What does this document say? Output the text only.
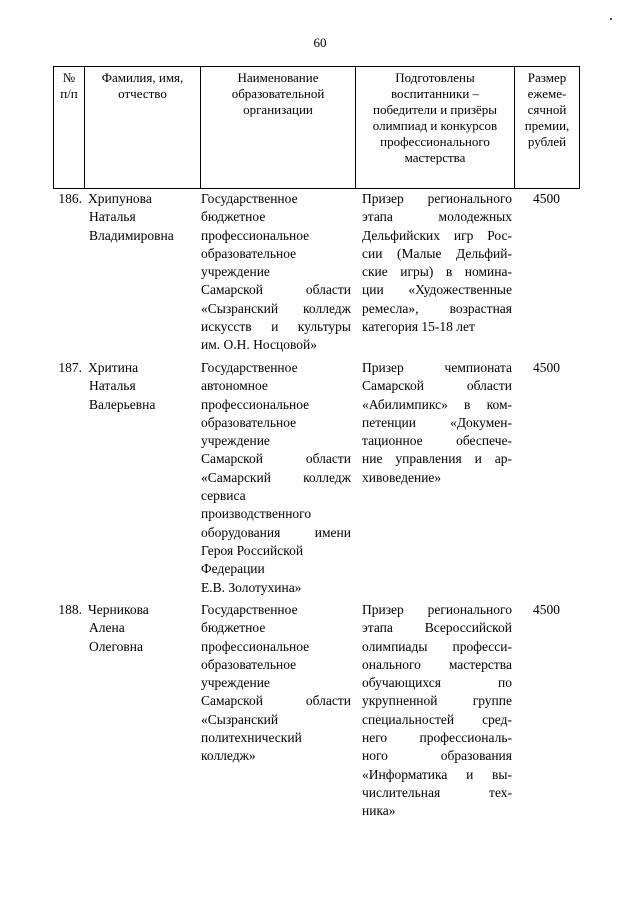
60
№
п/п
Фамилия, имя,
отчество
Наименование
образовательной
организации
Подготовлены
воспитанники –
победители и призёры
олимпиад и конкурсов
профессионального
мастерства
Размер
ежеме-
сячной
премии,
рублей
186. Хрипунова
Наталья
Владимировна
Государственное
бюджетное
профессиональное
образовательное
учреждение
Самарской области
«Сызранский колледж
искусств и культуры
им. О.Н. Носцовой»
Призер регионального
этапа молодежных
Дельфийских игр Рос-
сии (Малые Дельфий-
ские игры) в номина-
ции «Художественные
ремесла», возрастная
категория 15-18 лет
4500
187. Хритина
Наталья
Валерьевна
Государственное
автономное
профессиональное
образовательное
учреждение
Самарской области
«Самарский колледж
сервиса
производственного
оборудования имени
Героя Российской
Федерации
Е.В. Золотухина»
Призер чемпионата
Самарской области
«Абилимпикс» в ком-
петенции «Докумен-
тационное обеспече-
ние управления и ар-
хивоведение»
4500
188. Черникова
Алена
Олеговна
Государственное
бюджетное
профессиональное
образовательное
учреждение
Самарской области
«Сызранский
политехнический
колледж»
Призер регионального
этапа Всероссийской
олимпиады професси-
онального мастерства
обучающихся по
укрупненной группе
специальностей сред-
него профессиональ-
ного образования
«Информатика и вы-
числительная тех-
ника»
4500
